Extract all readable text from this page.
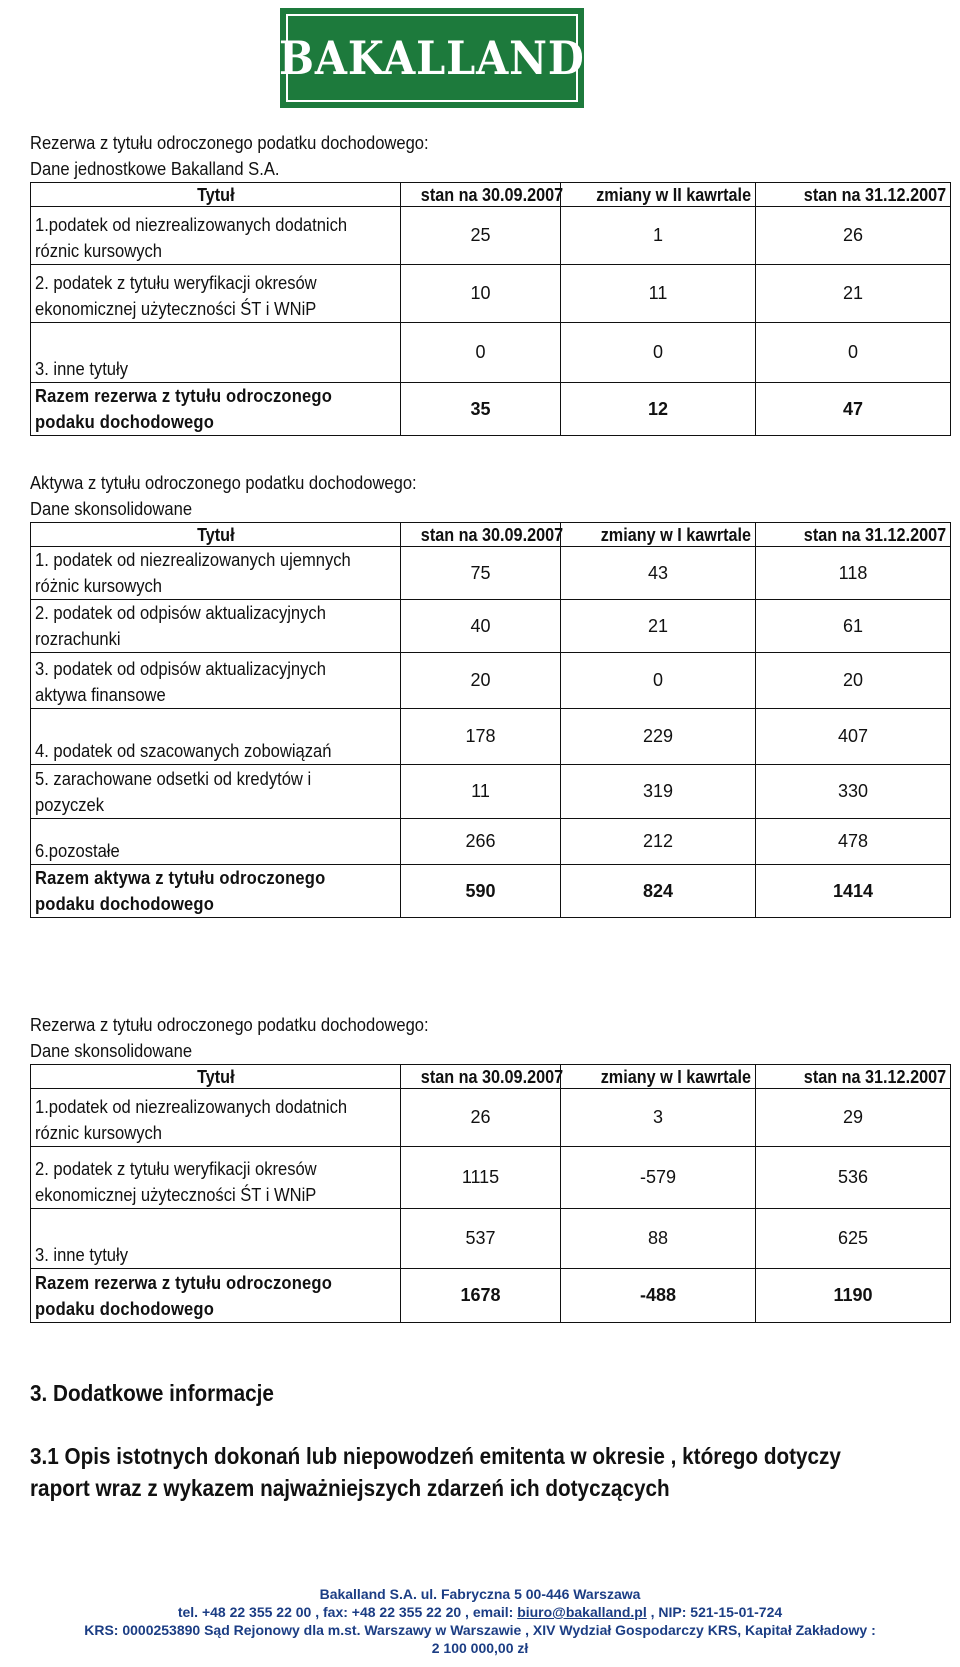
BAKALLAND
Rezerwa z tytułu odroczonego podatku dochodowego:
Dane jednostkowe Bakalland S.A.
Tytuł	stan na 30.09.2007	zmiany w II kawrtale	stan na 31.12.2007

1.podatek od niezrealizowanych dodatnich róznic kursowych	25	1	26

2. podatek z tytułu weryfikacji okresów ekonomicznej użyteczności ŚT i WNiP	10	11	21

3. inne tytuły	0	0	0

Razem rezerwa z tytułu odroczonego podaku dochodowego	35	12	47
Aktywa z tytułu odroczonego podatku dochodowego:
Dane skonsolidowane
Tytuł	stan na 30.09.2007	zmiany w I kawrtale	stan na 31.12.2007

1. podatek od niezrealizowanych ujemnych różnic kursowych	75	43	118

2. podatek od odpisów aktualizacyjnych rozrachunki	40	21	61

3. podatek od odpisów aktualizacyjnych aktywa finansowe	20	0	20

4. podatek od szacowanych zobowiązań	178	229	407

5. zarachowane odsetki od kredytów i pozyczek	11	319	330

6.pozostałe	266	212	478

Razem aktywa z tytułu odroczonego podaku dochodowego	590	824	1414
Rezerwa z tytułu odroczonego podatku dochodowego:
Dane skonsolidowane
Tytuł	stan na 30.09.2007	zmiany w I kawrtale	stan na 31.12.2007

1.podatek od niezrealizowanych dodatnich róznic kursowych	26	3	29

2. podatek z tytułu weryfikacji okresów ekonomicznej użyteczności ŚT i WNiP	1115	-579	536

3. inne tytuły	537	88	625

Razem rezerwa z tytułu odroczonego podaku dochodowego	1678	-488	1190
3. Dodatkowe informacje
3.1 Opis istotnych dokonań lub niepowodzeń emitenta w okresie , którego dotyczy raport wraz z wykazem najważniejszych zdarzeń ich dotyczących
Bakalland S.A. ul. Fabryczna 5 00-446 Warszawa
tel. +48 22 355 22 00 , fax: +48 22 355 22 20 , email: biuro@bakalland.pl , NIP: 521-15-01-724
KRS: 0000253890 Sąd Rejonowy dla m.st. Warszawy w Warszawie , XIV Wydział Gospodarczy KRS, Kapitał Zakładowy :
2 100 000,00 zł
